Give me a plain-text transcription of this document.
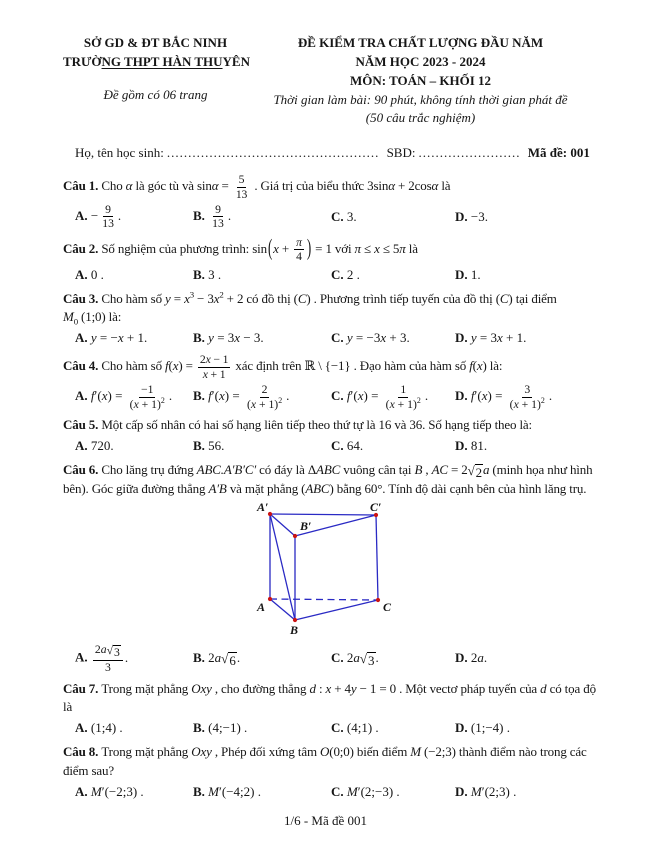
SỞ GD & ĐT BẮC NINH
TRƯỜNG THPT HÀN THUYÊN
Đề gồm có 06 trang
ĐỀ KIỂM TRA CHẤT LƯỢNG ĐẦU NĂM
NĂM HỌC 2023 - 2024
MÔN: TOÁN – KHỐI 12
Thời gian làm bài: 90 phút, không tính thời gian phát đề
(50 câu trắc nghiệm)
Họ, tên học sinh: .................................................. SBD: ........................ Mã đề: 001
Câu 1. Cho α là góc tù và $\sin\alpha = \frac{5}{13}$ . Giá trị của biểu thức 3sinα + 2cosα là
A. − $\frac{9}{13}$ .	B. $\frac{9}{13}$ .	C. 3.	D. −3.
Câu 2. Số nghiệm của phương trình: $\sin(x + \frac{\pi}{4}$ ) = 1 với π ≤ x ≤ 5π là
A. 0 .	B. 3 .	C. 2 .	D. 1.
Câu 3. Cho hàm số $y = x^3 - 3x^2 + 2$ có đồ thị (C) . Phương trình tiếp tuyến của đồ thị (C) tại điểm
$M_0$ (1;0) là:
A. y = −x + 1.	B. y = 3x − 3.	C. y = −3x + 3.	D. y = 3x + 1.
Câu 4. Cho hàm số $f(x) = \frac{2x - 1}{x + 1}$ xác định trên ℝ \ {−1} . Đạo hàm của hàm số f(x) là:
A. $f'(x) = \frac{-1}{(x + 1)^2}$ .	B. $f'(x) = \frac{2}{(x + 1)^2}$ .	C. $f'(x) = \frac{1}{(x + 1)^2}$ .	D. $f'(x) = \frac{3}{(x + 1)^2}$ .
Câu 5. Một cấp số nhân có hai số hạng liên tiếp theo thứ tự là 16 và 36. Số hạng tiếp theo là:
A. 720.	B. 56.	C. 64.	D. 81.
Câu 6. Cho lăng trụ đứng ABC.A′B′C′ có đáy là ΔABC vuông cân tại B , AC = 2 √ 2 a (minh họa như hình
bên). Góc giữa đường thẳng A′B và mặt phẳng (ABC) bằng 60°. Tính độ dài cạnh bên của hình lăng trụ.
A′	C′
B′
A	C
B
A. $\frac{2a √ 3}{3}$ .	B. 2a √ 6 .	C. 2a √ 3 .	D. 2a.
Câu 7. Trong mặt phẳng Oxy , cho đường thẳng d : x + 4y − 1 = 0 . Một vectơ pháp tuyến của d có tọa độ
là
A. (1;4) .	B. (4;−1) .	C. (4;1) .	D. (1;−4) .
Câu 8. Trong mặt phẳng Oxy , Phép đối xứng tâm O(0;0) biến điểm M (−2;3) thành điểm nào trong các
điểm sau?
A. M′(−2;3) .	B. M′(−4;2) .	C. M′(2;−3) .	D. M′(2;3) .
1/6 - Mã đề 001
